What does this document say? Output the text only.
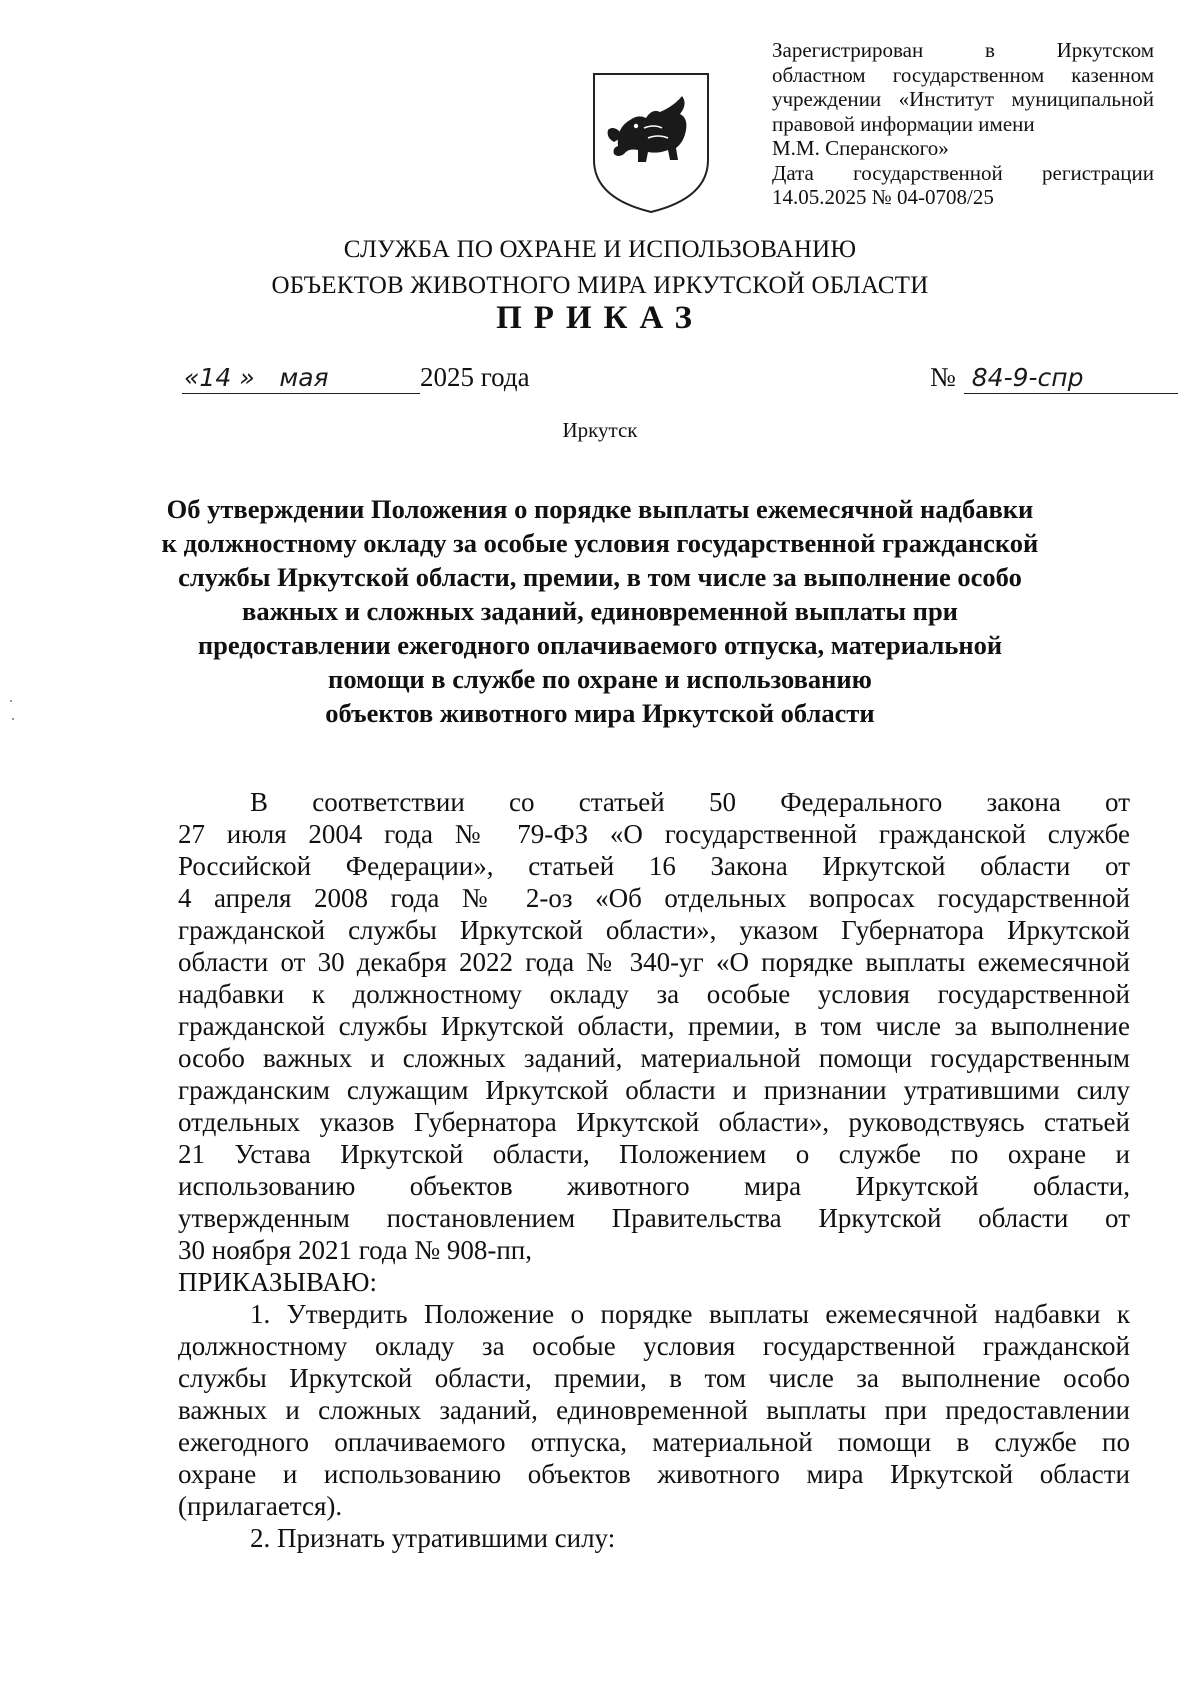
Зарегистрирован в Иркутском
областном государственном казенном
учреждении «Институт муниципальной
правовой информации имени
М.М. Сперанского»
Дата государственной регистрации
14.05.2025 № 04-0708/25
СЛУЖБА ПО ОХРАНЕ И ИСПОЛЬЗОВАНИЮ
ОБЪЕКТОВ ЖИВОТНОГО МИРА ИРКУТСКОЙ ОБЛАСТИ
ПРИКАЗ
«14 » мая	2025 года	№ 84-9-спр
Иркутск
Об утверждении Положения о порядке выплаты ежемесячной надбавки
к должностному окладу за особые условия государственной гражданской
службы Иркутской области, премии, в том числе за выполнение особо
важных и сложных заданий, единовременной выплаты при
предоставлении ежегодного оплачиваемого отпуска, материальной
помощи в службе по охране и использованию
объектов животного мира Иркутской области
В соответствии со статьей 50 Федерального закона от
27 июля 2004 года № 79-ФЗ «О государственной гражданской службе
Российской Федерации», статьей 16 Закона Иркутской области от
4 апреля 2008 года № 2-оз «Об отдельных вопросах государственной
гражданской службы Иркутской области», указом Губернатора Иркутской
области от 30 декабря 2022 года № 340-уг «О порядке выплаты ежемесячной
надбавки к должностному окладу за особые условия государственной
гражданской службы Иркутской области, премии, в том числе за выполнение
особо важных и сложных заданий, материальной помощи государственным
гражданским служащим Иркутской области и признании утратившими силу
отдельных указов Губернатора Иркутской области», руководствуясь статьей
21 Устава Иркутской области, Положением о службе по охране и
использованию объектов животного мира Иркутской области,
утвержденным постановлением Правительства Иркутской области от
30 ноября 2021 года № 908-пп,
ПРИКАЗЫВАЮ:
1. Утвердить Положение о порядке выплаты ежемесячной надбавки к
должностному окладу за особые условия государственной гражданской
службы Иркутской области, премии, в том числе за выполнение особо
важных и сложных заданий, единовременной выплаты при предоставлении
ежегодного оплачиваемого отпуска, материальной помощи в службе по
охране и использованию объектов животного мира Иркутской области
(прилагается).
2. Признать утратившими силу:
